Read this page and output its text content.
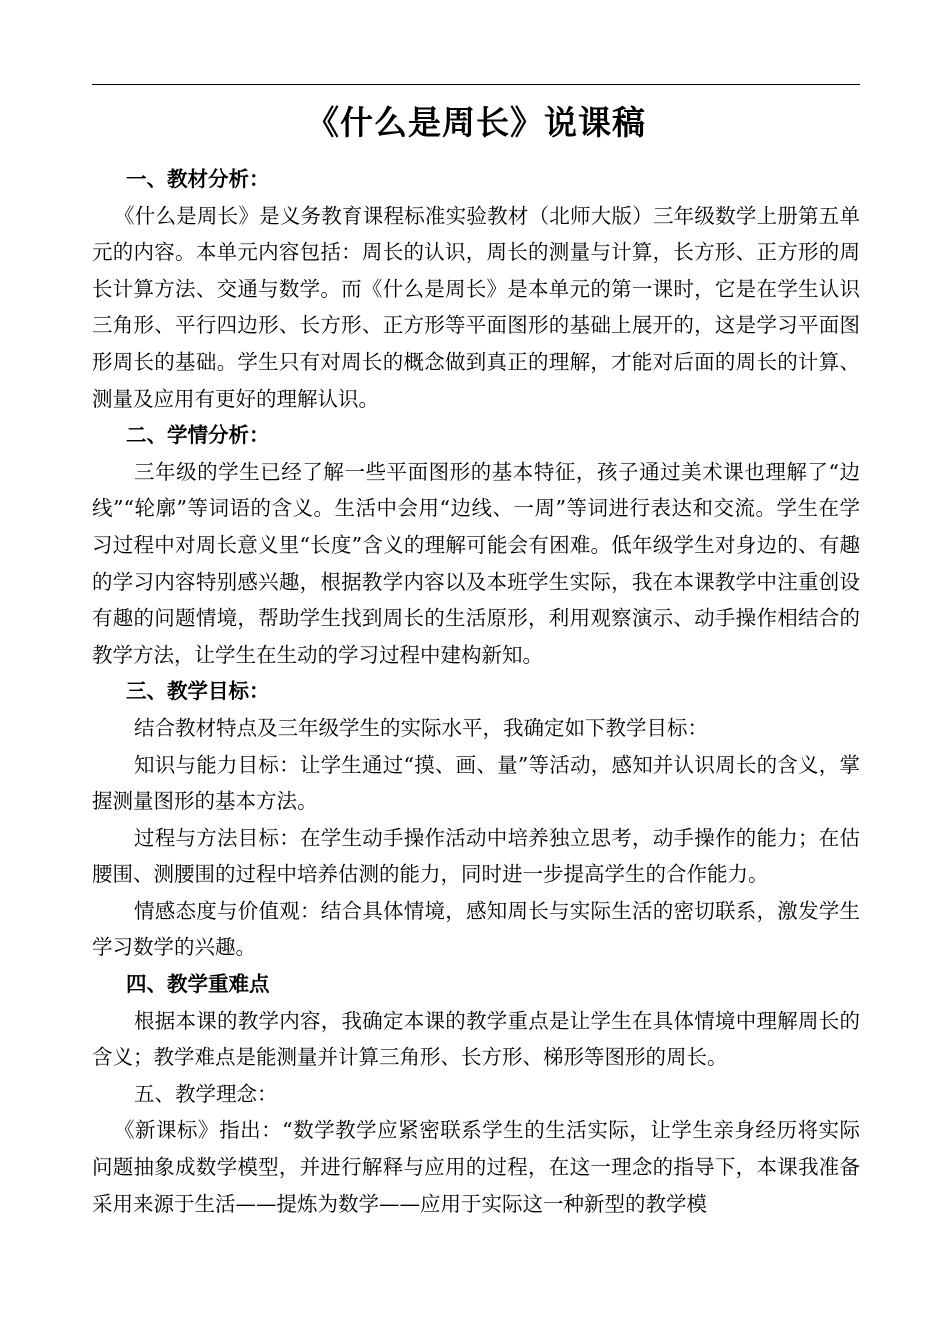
《什么是周长》说课稿

一、教材分析：

《什么是周长》是义务教育课程标准实验教材（北师大版）三年级数学上册第五单元的内容。本单元内容包括：周长的认识，周长的测量与计算，长方形、正方形的周长计算方法、交通与数学。而《什么是周长》是本单元的第一课时，它是在学生认识三角形、平行四边形、长方形、正方形等平面图形的基础上展开的，这是学习平面图形周长的基础。学生只有对周长的概念做到真正的理解，才能对后面的周长的计算、测量及应用有更好的理解认识。

二、学情分析：

三年级的学生已经了解一些平面图形的基本特征，孩子通过美术课也理解了“边线”“轮廓”等词语的含义。生活中会用“边线、一周”等词进行表达和交流。学生在学习过程中对周长意义里“长度”含义的理解可能会有困难。低年级学生对身边的、有趣的学习内容特别感兴趣，根据教学内容以及本班学生实际，我在本课教学中注重创设有趣的问题情境，帮助学生找到周长的生活原形，利用观察演示、动手操作相结合的教学方法，让学生在生动的学习过程中建构新知。

三、教学目标：

结合教材特点及三年级学生的实际水平，我确定如下教学目标：

知识与能力目标：让学生通过“摸、画、量”等活动，感知并认识周长的含义，掌握测量图形的基本方法。

过程与方法目标：在学生动手操作活动中培养独立思考，动手操作的能力；在估腰围、测腰围的过程中培养估测的能力，同时进一步提高学生的合作能力。

情感态度与价值观：结合具体情境，感知周长与实际生活的密切联系，激发学生学习数学的兴趣。

四、教学重难点

根据本课的教学内容，我确定本课的教学重点是让学生在具体情境中理解周长的含义；教学难点是能测量并计算三角形、长方形、梯形等图形的周长。

五、教学理念：

《新课标》指出：“数学教学应紧密联系学生的生活实际，让学生亲身经历将实际问题抽象成数学模型，并进行解释与应用的过程，在这一理念的指导下，本课我准备采用来源于生活——提炼为数学——应用于实际这一种新型的教学模
